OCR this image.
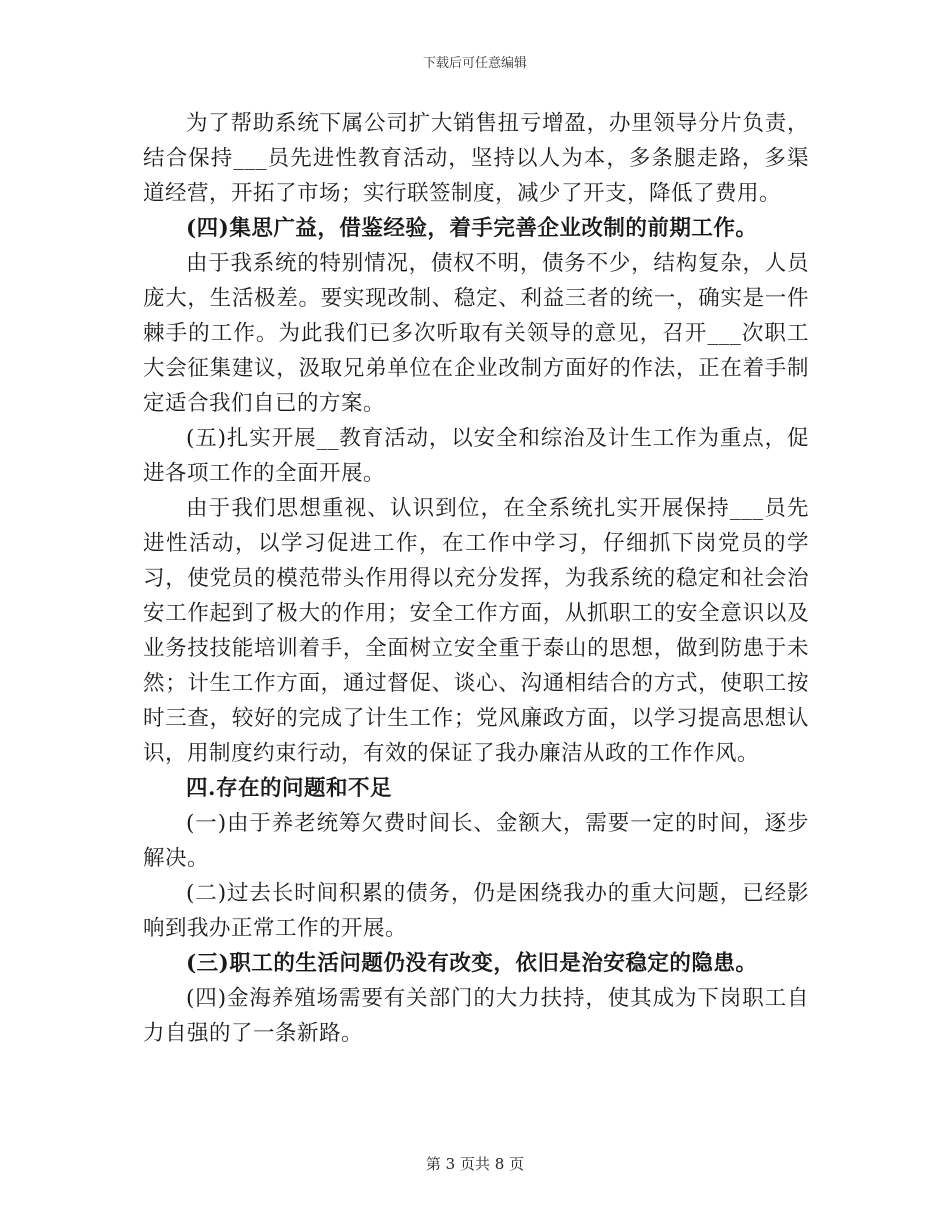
下载后可任意编辑

为了帮助系统下属公司扩大销售扭亏增盈，办里领导分片负责，结合保持___员先进性教育活动，坚持以人为本，多条腿走路，多渠道经营，开拓了市场；实行联签制度，减少了开支，降低了费用。

(四)集思广益，借鉴经验，着手完善企业改制的前期工作。

由于我系统的特别情况，债权不明，债务不少，结构复杂，人员庞大，生活极差。要实现改制、稳定、利益三者的统一，确实是一件棘手的工作。为此我们已多次听取有关领导的意见，召开___次职工大会征集建议，汲取兄弟单位在企业改制方面好的作法，正在着手制定适合我们自已的方案。

(五)扎实开展__教育活动，以安全和综治及计生工作为重点，促进各项工作的全面开展。

由于我们思想重视、认识到位，在全系统扎实开展保持___员先进性活动，以学习促进工作，在工作中学习，仔细抓下岗党员的学习，使党员的模范带头作用得以充分发挥，为我系统的稳定和社会治安工作起到了极大的作用；安全工作方面，从抓职工的安全意识以及业务技技能培训着手，全面树立安全重于泰山的思想，做到防患于未然；计生工作方面，通过督促、谈心、沟通相结合的方式，使职工按时三查，较好的完成了计生工作；党风廉政方面，以学习提高思想认识，用制度约束行动，有效的保证了我办廉洁从政的工作作风。

四.存在的问题和不足

(一)由于养老统筹欠费时间长、金额大，需要一定的时间，逐步解决。

(二)过去长时间积累的债务，仍是困绕我办的重大问题，已经影响到我办正常工作的开展。

(三)职工的生活问题仍没有改变，依旧是治安稳定的隐患。

(四)金海养殖场需要有关部门的大力扶持，使其成为下岗职工自力自强的了一条新路。

第 3 页共 8 页
